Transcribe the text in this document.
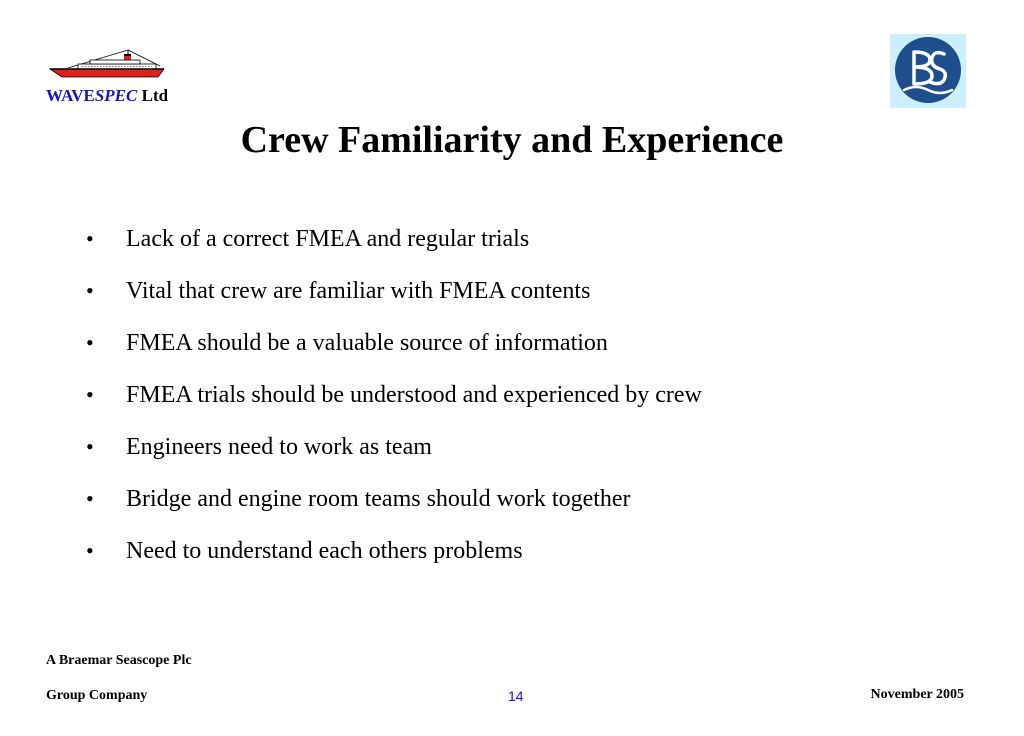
WAVESPEC Ltd
Crew Familiarity and Experience
• Lack of a correct FMEA and regular trials
• Vital that crew are familiar with FMEA contents
• FMEA should be a valuable source of information
• FMEA trials should be understood and experienced by crew
• Engineers need to work as team
• Bridge and engine room teams should work together
• Need to understand each others problems
A Braemar Seascope Plc
Group Company	14	November 2005
